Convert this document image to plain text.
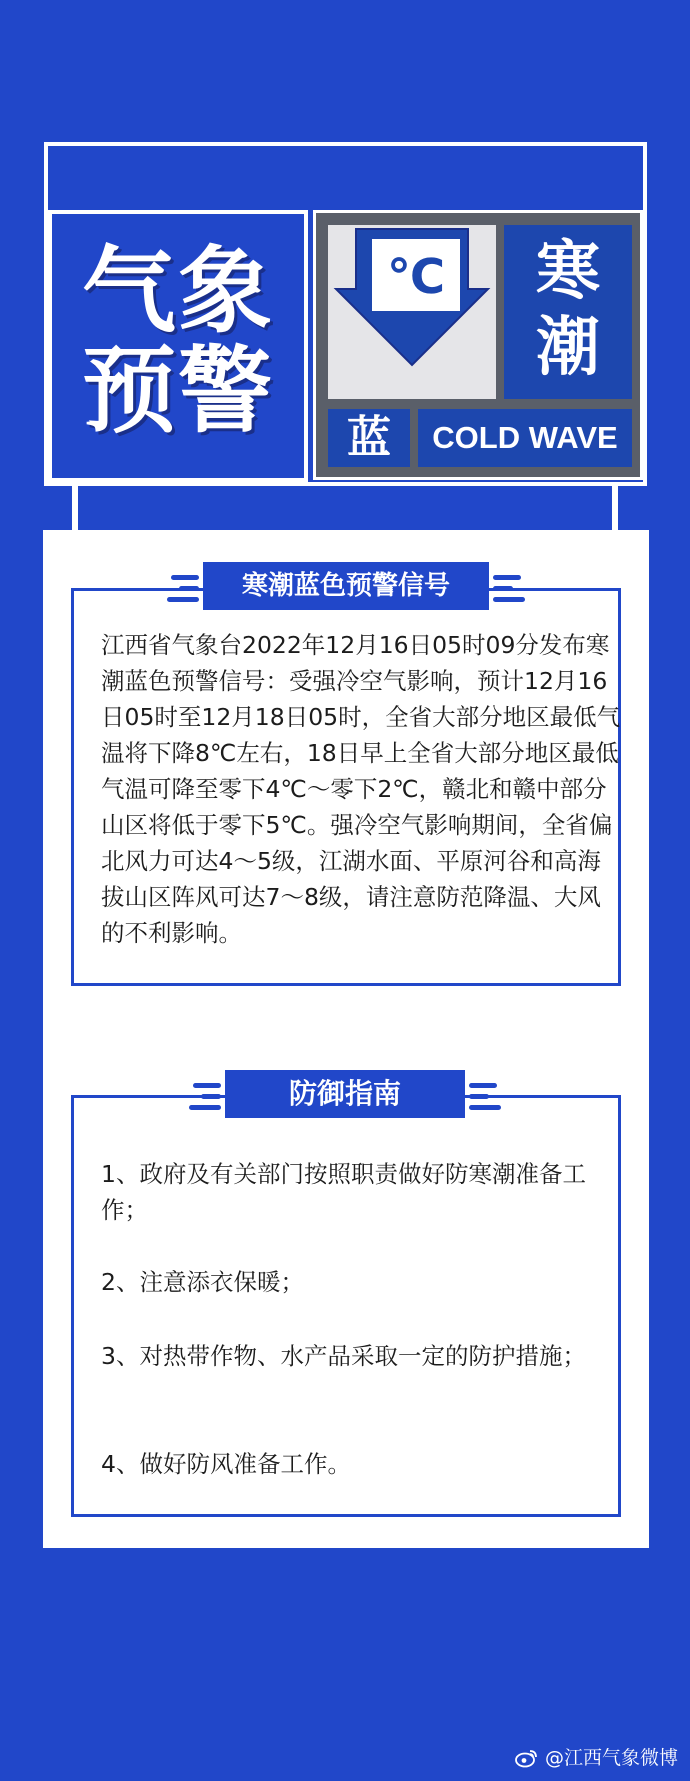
气象
预警
℃	寒
潮
蓝	COLD WAVE
寒潮蓝色预警信号
江西省气象台2022年12月16日05时09分发布寒潮蓝色预警信号：受强冷空气影响，预计12月16日05时至12月18日05时，全省大部分地区最低气温将下降8℃左右，18日早上全省大部分地区最低气温可降至零下4℃～零下2℃，赣北和赣中部分山区将低于零下5℃。强冷空气影响期间，全省偏北风力可达4～5级，江湖水面、平原河谷和高海拔山区阵风可达7～8级，请注意防范降温、大风的不利影响。
防御指南
1、政府及有关部门按照职责做好防寒潮准备工作；
2、注意添衣保暖；
3、对热带作物、水产品采取一定的防护措施；
4、做好防风准备工作。
@江西气象微博
